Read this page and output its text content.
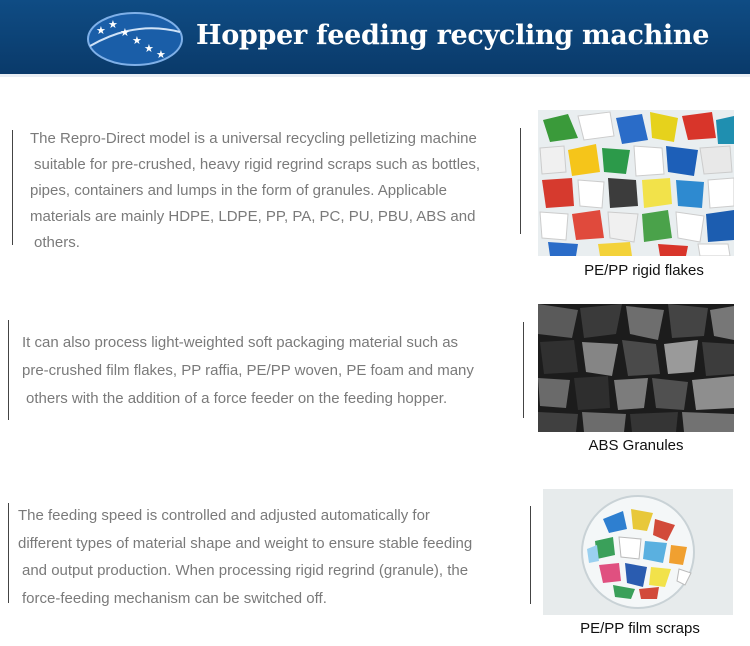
★ ★
★
★
★ ★
Hopper feeding recycling machine
The Repro-Direct model is a universal recycling pelletizing machine
suitable for pre-crushed, heavy rigid regrind scraps such as bottles,
pipes, containers and lumps in the form of granules. Applicable
materials are mainly HDPE, LDPE, PP, PA, PC, PU, PBU, ABS and
others.
PE/PP rigid flakes
It can also process light-weighted soft packaging material such as
pre-crushed film flakes, PP raffia, PE/PP woven, PE foam and many
others with the addition of a force feeder on the feeding hopper.
ABS Granules
The feeding speed is controlled and adjusted automatically for
different types of material shape and weight to ensure stable feeding
and output production. When processing rigid regrind (granule), the
force-feeding mechanism can be switched off.
PE/PP film scraps
